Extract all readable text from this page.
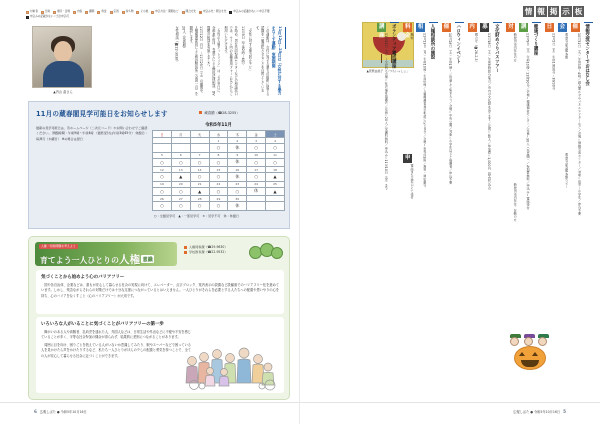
対象者	日時	場所・会場	内容	講師	料金	定員	持ち物	その他	申込方法・期間など	問合せ先	申込み先・問合せ先	申込みの記載がない＝申込不要
申込みの記載がない＝当日申込可
▲内山 晶さん	11月12日〜25日は「女性に対する暴力をなくす運動」実施期間
この運動は、女性に対する暴力の根絶に関する認識を一層深化させることを目的としています。
「女性に対する暴力防止ナビ」
11月5日（午後2時〜4時）
を始め、男女共同参画センターなどの相談窓口では、サイト内の各種専用フォームなどからご利用いただけます。
「女性の人権ホットライン」は、その窓口に、令和4年度は、弁護士による無料法律相談、DV問題の相談を実施しました。
11月12日（日）〜11月25日（土）の期間中、人権擁護委員による特設相談所（全国一斉）を開設します。
20人（先着順）
女性相談（☎22-3030）
11月の蔵春閣見学可能日をお知らせします	蔵春閣（☎28-3255）
最新の見学可能日は、市ホームページ（二次元コード）やお問い合わせでご確認ください。 開館時間：午前9時〜午後4時 （最終受付は午後3時45分） 休館日：毎週月（木曜日） ※の場合は翌日
令和5年11月
日	月	火	水	木	金	土
			1	2	3	4
			○	休	○	○
5	6	7	8	9	10	11
○	○	○	○	休	○	○
12	13	14	15	16	17	18
○	▲	○	○	休	○	▲
19	20	21	22	23	24	25
○	○	▲	○	○	休	▲
26	27	28	29	30		
○	○	○	○	休		
○：全館見学可　▲：一部見学可　×：見学不可　休：休館日
人権・同和問題を考えよう
育てよう一人ひとりの人権 意識
人権同和課（☎29-9630）
学校教育課（☎22-9532）
気づくことから始めよう心のバリアフリー
国や各自治体、企業などは、誰もが安心して暮らせる社会の実現に向けて、エレベーター、点字ブロック、案内表示の設置など設備面でのバリアフリー化を進めています。しかし、残念ながらそれらの対策だけでは十分な支援につながっているとはいえません。一人ひとりがそれらを必要とする人たちへの配慮や思いやりの心を持ち、心のバリアをなくすこと（心のバリアフリー）が大切です。
いろいろな人がいることに気づくことがバリアフリーの第一歩
障がいのある人や高齢者、乳幼児を連れた人、外国人などは、日常生活や外出などに不便や不安を感じていることが多く、平等な社会参加の機会が得られず、結果的に差別につながることがあります。
周囲に目を向け、困りごとを抱えている人がいないか意識してみたり、駅やスーパーなどで困っている人を見かけたら声をかけたりするなど、私たち一人ひとりがほんの少しの配慮と勇気を持つことで、全ての人が安心して暮らせる社会に近づくことができます。
6 広報しばた ● 令和5年10月16日
情 報 掲 示 板
▲菅熊由美子「いつもいっしょ」	情報交流センターでおはなし会
催し 10月31日（火）午後3時〜4時／読み聞かせやパネルシアターなど／会場＝情報交流センター／対象＝幼児〜小学生／申込不要
会場 紫雲寺記念館本館
紫雲寺記念館本館ロビー
日時 11月2日（木）午後1時30分〜3時30分
健康づくり講座
講座 11月9日（木）午前10時〜11時30分／会場＝健康福祉センター／定員＝30人（先着順）／参加費無料／申込み＝電話受付
対象 新発田市内在住の方
新発田市内在住・在勤の方
文化財めぐりバスツアー
募集 11月18日（土）午前8時30分集合／市内の文化財を巡ります／定員＝40人／参加費＝1,000円（昼食代込み）
内容 問合せ（☎26-2-3）
ハロウィンイベント
催し 10月28日（土）午後1時〜／仮装して集まろう／会場＝中央公園／対象＝小学生以下と保護者／申込不要
人権相談所の開設
相談 11月13日（月）午前10時〜午後3時／人権擁護委員が相談に応じます／会場＝市役所1階／無料・秘密厳守
料金 無料
申込 電話または窓口にて受付
ボランティア養成講座
講座 11月21日（火）〜全3回／会場＝社会福祉協議会／定員＝20人／受講料無料／申込み＝11月10日（金）まで
広報しばた ● 令和5年10月16日 5
